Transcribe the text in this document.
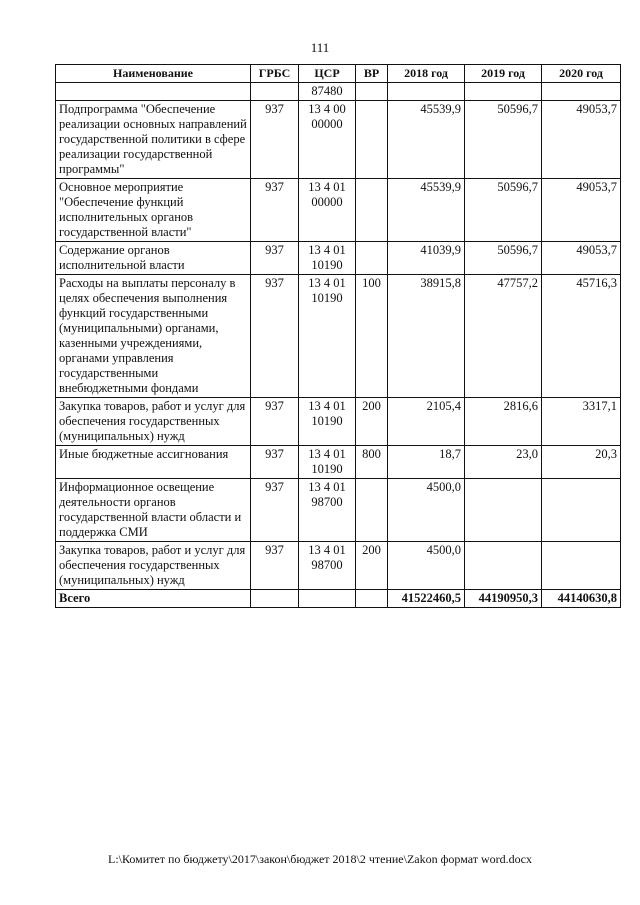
111
Наименование	ГРБС	ЦСР	ВР	2018 год	2019 год	2020 год
		87480				
Подпрограмма "Обеспечение реализации основных направлений государственной политики в сфере реализации государственной программы"	937	13 4 00 00000		45539,9	50596,7	49053,7
Основное мероприятие "Обеспечение функций исполнительных органов государственной власти"	937	13 4 01 00000		45539,9	50596,7	49053,7
Содержание органов исполнительной власти	937	13 4 01 10190		41039,9	50596,7	49053,7
Расходы на выплаты персоналу в целях обеспечения выполнения функций государственными (муниципальными) органами, казенными учреждениями, органами управления государственными внебюджетными фондами	937	13 4 01 10190	100	38915,8	47757,2	45716,3
Закупка товаров, работ и услуг для обеспечения государственных (муниципальных) нужд	937	13 4 01 10190	200	2105,4	2816,6	3317,1
Иные бюджетные ассигнования	937	13 4 01 10190	800	18,7	23,0	20,3
Информационное освещение деятельности органов государственной власти области и поддержка СМИ	937	13 4 01 98700		4500,0		
Закупка товаров, работ и услуг для обеспечения государственных (муниципальных) нужд	937	13 4 01 98700	200	4500,0		
Всего				41522460,5	44190950,3	44140630,8
L:\Комитет по бюджету\2017\закон\бюджет 2018\2 чтение\Zakon формат word.docx
